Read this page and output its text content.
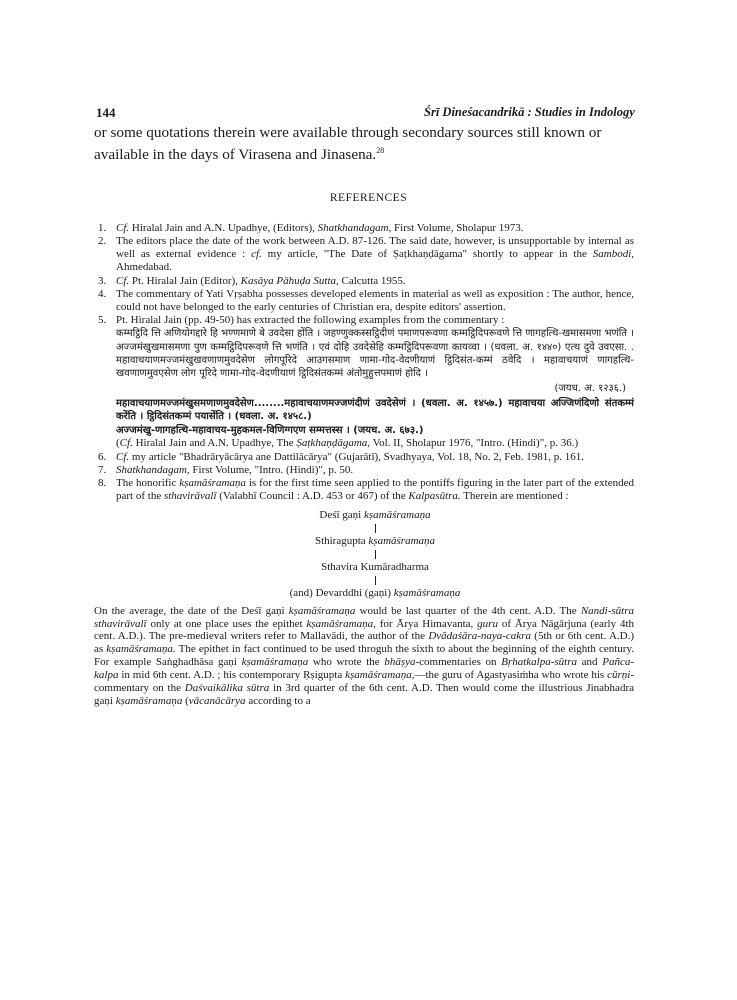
144	Śrī Dineśacandrikā : Studies in Indology
or some quotations therein were available through secondary sources still known or available in the days of Virasena and Jinasena.$^{28}$
REFERENCES
1. Cf. Hiralal Jain and A.N. Upadhye, (Editors), Shatkhandagam, First Volume, Sholapur 1973.
2. The editors place the date of the work between A.D. 87-126. The said date, however, is unsupportable by internal as well as external evidence : cf. my article, "The Date of Ṣaṭkhaṇḍāgama" shortly to appear in the Sambodi, Ahmedabad.
3. Cf. Pt. Hiralal Jain (Editor), Kasāya Pāhuḍa Sutta, Calcutta 1955.
4. The commentary of Yati Vṛṣabha possesses developed elements in material as well as exposition : The author, hence, could not have belonged to the early centuries of Christian era, despite editors' assertion.
5. Pt. Hiralal Jain (pp. 49-50) has extracted the following examples from the commentary :
कम्मट्ठिदि त्ति अणियोगद्दारे हि भण्णमाणे बे उवदेसा होंति । जहण्णुक्कस्सट्ठिदीणं पमाणपरूवणा कम्मट्ठिदिपरूवणे त्ति णागहत्थि-खमासमणा भणंति । अज्जमंखुखमासमणा पुण कम्मट्ठिदिपरूवणे त्ति भणंति । एवं दोहि उवदेसेहि कम्मट्ठिदिपरूवणा कायव्वा । (धवला. अ. १४४०) एत्थ दुवे उवएसा. . महावाचयाणमज्जमंखुखवणाणमुवदेसेण लोगपूरिदे आउगसमाण णामा-गोद-वेदणीयाणं ट्ठिदिसंत-कम्मं ठवेदि । महावाचयाणं णागहत्थि-खवणाणमुवएसेण लोग पूरिदे णामा-गोद-वेदणीयाणं ट्ठिदिसंतकम्मं अंतोमुहुत्तपमाणं होदि ।
(जयध. अ. १२३६.)
महावाचयाणमज्जमंखुसमणाणमुवदेसेण........महावाचयाणमज्जणंदीणं उवदेसेणं । (धवला. अ. १४५७.) महावाचया अज्जिणंदिणो संतकम्मं करेंति । ट्ठिदिसंतकम्मं पयासेंति । (धवला. अ. १४५८.)
अज्जमंखु-णागहत्थि-महावाचय-मुहकमल-विणिग्गएण सम्मत्तस्स । (जयध. अ. ६७३.)
(Cf. Hiralal Jain and A.N. Upadhye, The Ṣaṭkhaṇḍāgama, Vol. II, Sholapur 1976, "Intro. (Hindi)", p. 36.)
6. Cf. my article "Bhadrāryācārya ane Dattilācārya" (Gujarātī), Svadhyaya, Vol. 18, No. 2, Feb. 1981, p. 161.
7. Shatkhandagam, First Volume, "Intro. (Hindi)", p. 50.
8. The honorific kṣamāśramaṇa is for the first time seen applied to the pontiffs figuring in the later part of the extended part of the sthavirāvalī (Valabhī Council : A.D. 453 or 467) of the Kalpasūtra. Therein are mentioned :
Deśī gaṇi kṣamāśramaṇa
Sthiragupta kṣamāśramaṇa
Sthavira Kumāradharma
(and) Devarddhi (gaṇi) kṣamāśramaṇa
On the average, the date of the Deśī gaṇi kṣamāśramaṇa would be last quarter of the 4th cent. A.D. The Nandi-sūtra sthavirāvalī only at one place uses the epithet kṣamāśramaṇa, for Ārya Himavanta, guru of Ārya Nāgārjuna (early 4th cent. A.D.). The pre-medieval writers refer to Mallavādi, the author of the Dvādaśāra-naya-cakra (5th or 6th cent. A.D.) as kṣamāśramaṇa. The epithet in fact continued to be used throguh the sixth to about the beginning of the eighth century. For example Saṅghadhāsa gaṇi kṣamāśramaṇa who wrote the bhāṣya-commentaries on Bṛhatkalpa-sūtra and Pañca-kalpa in mid 6th cent. A.D. ; his contemporary Ṛṣigupta kṣamāśramaṇa,—the guru of Agastyasiṁha who wrote his cūrṇi-commentary on the Daśvaikālika sūtra in 3rd quarter of the 6th cent. A.D. Then would come the illustrious Jinabhadra gaṇi kṣamāśramaṇa (vācanācārya according to a
